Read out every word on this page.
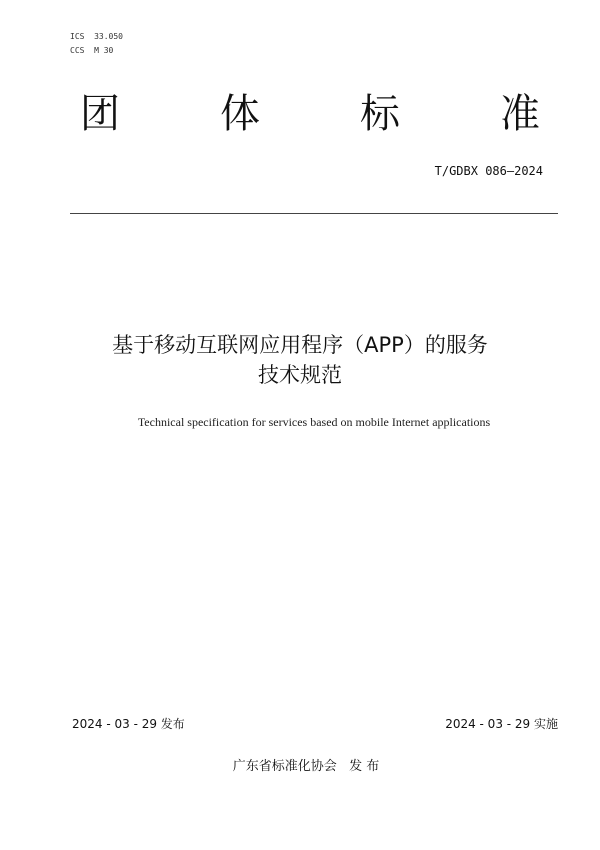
ICS  33.050
CCS  M 30
团	体	标	准
T/GDBX 086—2024
基于移动互联网应用程序（APP）的服务
技术规范
Technical specification for services based on mobile Internet applications
2024 - 03 - 29 发布	2024 - 03 - 29 实施
广东省标准化协会   发 布
